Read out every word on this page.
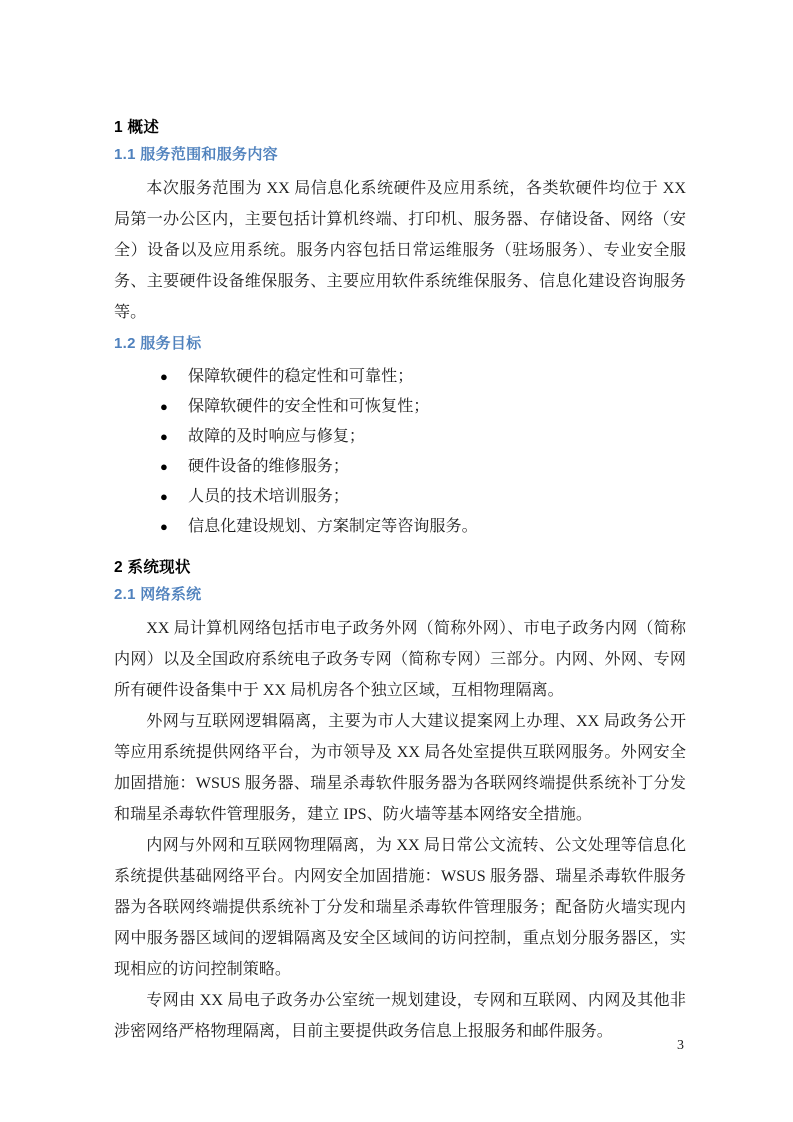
1 概述
1.1 服务范围和服务内容

本次服务范围为 XX 局信息化系统硬件及应用系统，各类软硬件均位于 XX 局第一办公区内，主要包括计算机终端、打印机、服务器、存储设备、网络（安全）设备以及应用系统。服务内容包括日常运维服务（驻场服务）、专业安全服务、主要硬件设备维保服务、主要应用软件系统维保服务、信息化建设咨询服务等。

1.2 服务目标
● 保障软硬件的稳定性和可靠性；
● 保障软硬件的安全性和可恢复性；
● 故障的及时响应与修复；
● 硬件设备的维修服务；
● 人员的技术培训服务；
● 信息化建设规划、方案制定等咨询服务。
2 系统现状
2.1 网络系统

XX 局计算机网络包括市电子政务外网（简称外网）、市电子政务内网（简称内网）以及全国政府系统电子政务专网（简称专网）三部分。内网、外网、专网所有硬件设备集中于 XX 局机房各个独立区域，互相物理隔离。

外网与互联网逻辑隔离，主要为市人大建议提案网上办理、XX 局政务公开等应用系统提供网络平台，为市领导及 XX 局各处室提供互联网服务。外网安全加固措施：WSUS 服务器、瑞星杀毒软件服务器为各联网终端提供系统补丁分发和瑞星杀毒软件管理服务，建立 IPS、防火墙等基本网络安全措施。

内网与外网和互联网物理隔离，为 XX 局日常公文流转、公文处理等信息化系统提供基础网络平台。内网安全加固措施：WSUS 服务器、瑞星杀毒软件服务器为各联网终端提供系统补丁分发和瑞星杀毒软件管理服务；配备防火墙实现内网中服务器区域间的逻辑隔离及安全区域间的访问控制，重点划分服务器区，实现相应的访问控制策略。

专网由 XX 局电子政务办公室统一规划建设，专网和互联网、内网及其他非涉密网络严格物理隔离，目前主要提供政务信息上报服务和邮件服务。

3
